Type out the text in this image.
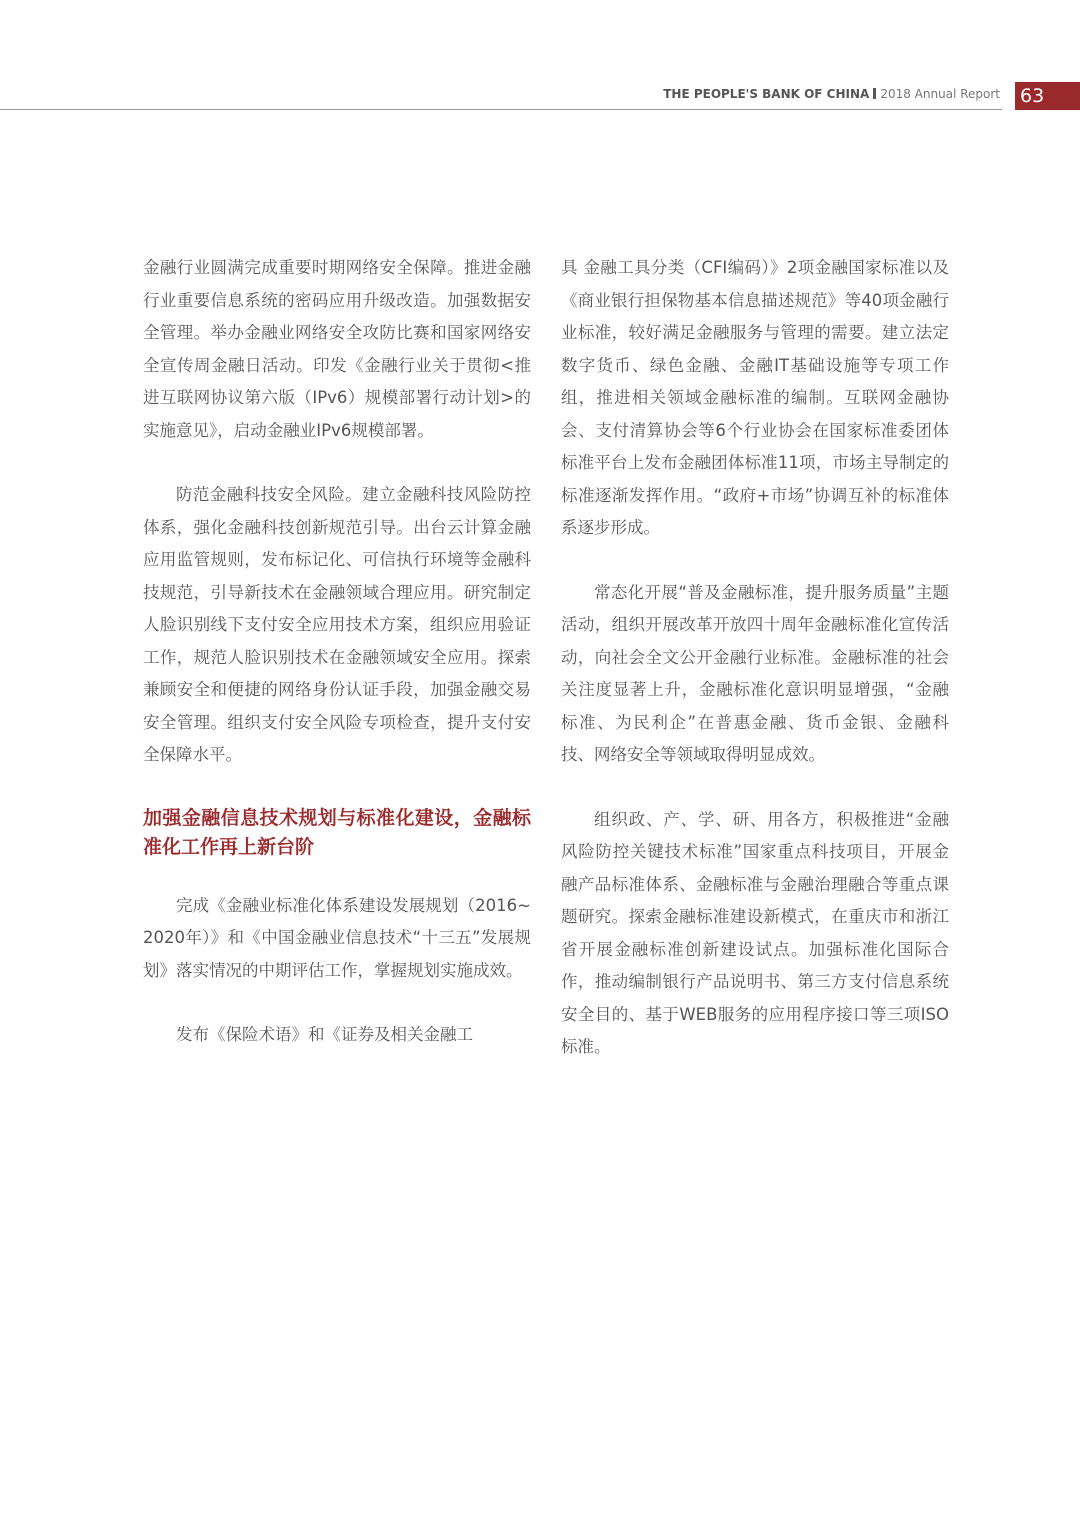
THE PEOPLE'S BANK OF CHINA 2018 Annual Report 63

金融行业圆满完成重要时期网络安全保障。推进金融行业重要信息系统的密码应用升级改造。加强数据安全管理。举办金融业网络安全攻防比赛和国家网络安全宣传周金融日活动。印发《金融行业关于贯彻<推进互联网协议第六版（IPv6）规模部署行动计划>的实施意见》，启动金融业IPv6规模部署。

防范金融科技安全风险。建立金融科技风险防控体系，强化金融科技创新规范引导。出台云计算金融应用监管规则，发布标记化、可信执行环境等金融科技规范，引导新技术在金融领域合理应用。研究制定人脸识别线下支付安全应用技术方案，组织应用验证工作，规范人脸识别技术在金融领域安全应用。探索兼顾安全和便捷的网络身份认证手段，加强金融交易安全管理。组织支付安全风险专项检查，提升支付安全保障水平。

加强金融信息技术规划与标准化建设，金融标准化工作再上新台阶

完成《金融业标准化体系建设发展规划（2016~2020年）》和《中国金融业信息技术“十三五”发展规划》落实情况的中期评估工作，掌握规划实施成效。

发布《保险术语》和《证券及相关金融工

具 金融工具分类（CFI编码）》2项金融国家标准以及《商业银行担保物基本信息描述规范》等40项金融行业标准，较好满足金融服务与管理的需要。建立法定数字货币、绿色金融、金融IT基础设施等专项工作组，推进相关领域金融标准的编制。互联网金融协会、支付清算协会等6个行业协会在国家标准委团体标准平台上发布金融团体标准11项，市场主导制定的标准逐渐发挥作用。“政府+市场”协调互补的标准体系逐步形成。

常态化开展“普及金融标准，提升服务质量”主题活动，组织开展改革开放四十周年金融标准化宣传活动，向社会全文公开金融行业标准。金融标准的社会关注度显著上升，金融标准化意识明显增强，“金融标准、为民利企”在普惠金融、货币金银、金融科技、网络安全等领域取得明显成效。

组织政、产、学、研、用各方，积极推进“金融风险防控关键技术标准”国家重点科技项目，开展金融产品标准体系、金融标准与金融治理融合等重点课题研究。探索金融标准建设新模式，在重庆市和浙江省开展金融标准创新建设试点。加强标准化国际合作，推动编制银行产品说明书、第三方支付信息系统安全目的、基于WEB服务的应用程序接口等三项ISO标准。
